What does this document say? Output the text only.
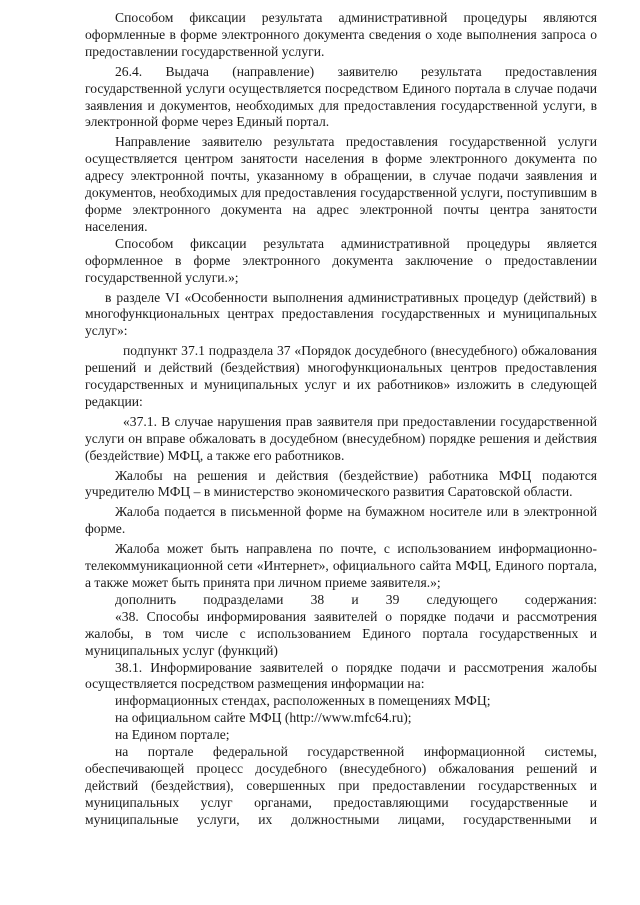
Способом фиксации результата административной процедуры являются оформленные в форме электронного документа сведения о ходе выполнения запроса о предоставлении государственной услуги.

26.4. Выдача (направление) заявителю результата предоставления государственной услуги осуществляется посредством Единого портала в случае подачи заявления и документов, необходимых для предоставления государственной услуги, в электронной форме через Единый портал.

Направление заявителю результата предоставления государственной услуги осуществляется центром занятости населения в форме электронного документа по адресу электронной почты, указанному в обращении, в случае подачи заявления и документов, необходимых для предоставления государственной услуги, поступившим в форме электронного документа на адрес электронной почты центра занятости населения.

Способом фиксации результата административной процедуры является оформленное в форме электронного документа заключение о предоставлении государственной услуги.»;

в разделе VI «Особенности выполнения административных процедур (действий) в многофункциональных центрах предоставления государственных и муниципальных услуг»:

подпункт 37.1 подраздела 37 «Порядок досудебного (внесудебного) обжалования решений и действий (бездействия) многофункциональных центров предоставления государственных и муниципальных услуг и их работников» изложить в следующей редакции:

«37.1. В случае нарушения прав заявителя при предоставлении государственной услуги он вправе обжаловать в досудебном (внесудебном) порядке решения и действия (бездействие) МФЦ, а также его работников.

Жалобы на решения и действия (бездействие) работника МФЦ подаются учредителю МФЦ – в министерство экономического развития Саратовской области.

Жалоба подается в письменной форме на бумажном носителе или в электронной форме.

Жалоба может быть направлена по почте, с использованием информационно-телекоммуникационной сети «Интернет», официального сайта МФЦ, Единого портала, а также может быть принята при личном приеме заявителя.»;

дополнить подразделами 38 и 39 следующего содержания:

«38. Способы информирования заявителей о порядке подачи и рассмотрения жалобы, в том числе с использованием Единого портала государственных и муниципальных услуг (функций)

38.1. Информирование заявителей о порядке подачи и рассмотрения жалобы осуществляется посредством размещения информации на:

информационных стендах, расположенных в помещениях МФЦ;

на официальном сайте МФЦ (http://www.mfc64.ru);

на Едином портале;

на портале федеральной государственной информационной системы, обеспечивающей процесс досудебного (внесудебного) обжалования решений и действий (бездействия), совершенных при предоставлении государственных и муниципальных услуг органами, предоставляющими государственные и муниципальные услуги, их должностными лицами, государственными и
